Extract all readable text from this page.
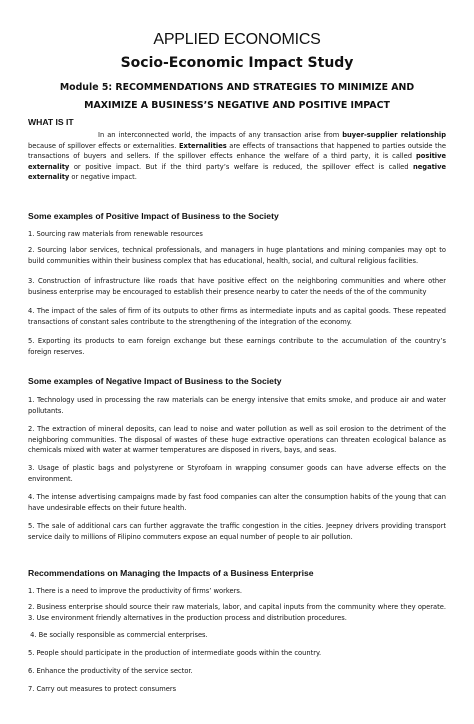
APPLIED ECONOMICS
Socio-Economic Impact Study
Module 5: RECOMMENDATIONS AND STRATEGIES TO MINIMIZE AND MAXIMIZE A BUSINESS’S NEGATIVE AND POSITIVE IMPACT
WHAT IS IT
In an interconnected world, the impacts of any transaction arise from buyer-supplier relationship because of spillover effects or externalities. Externalities are effects of transactions that happened to parties outside the transactions of buyers and sellers. If the spillover effects enhance the welfare of a third party, it is called positive externality or positive impact. But if the third party’s welfare is reduced, the spillover effect is called negative externality or negative impact.
Some examples of Positive Impact of Business to the Society
1. Sourcing raw materials from renewable resources
2. Sourcing labor services, technical professionals, and managers in huge plantations and mining companies may opt to build communities within their business complex that has educational, health, social, and cultural religious facilities.
3. Construction of infrastructure like roads that have positive effect on the neighboring communities and where other business enterprise may be encouraged to establish their presence nearby to cater the needs of the of the community
4. The impact of the sales of firm of its outputs to other firms as intermediate inputs and as capital goods. These repeated transactions of constant sales contribute to the strengthening of the integration of the economy.
5. Exporting its products to earn foreign exchange but these earnings contribute to the accumulation of the country’s foreign reserves.
Some examples of Negative Impact of Business to the Society
1. Technology used in processing the raw materials can be energy intensive that emits smoke, and produce air and water pollutants.
2. The extraction of mineral deposits, can lead to noise and water pollution as well as soil erosion to the detriment of the neighboring communities. The disposal of wastes of these huge extractive operations can threaten ecological balance as chemicals mixed with water at warmer temperatures are disposed in rivers, bays, and seas.
3. Usage of plastic bags and polystyrene or Styrofoam in wrapping consumer goods can have adverse effects on the environment.
4. The intense advertising campaigns made by fast food companies can alter the consumption habits of the young that can have undesirable effects on their future health.
5. The sale of additional cars can further aggravate the traffic congestion in the cities. Jeepney drivers providing transport service daily to millions of Filipino commuters expose an equal number of people to air pollution.
Recommendations on Managing the Impacts of a Business Enterprise
1. There is a need to improve the productivity of firms’ workers.
2. Business enterprise should source their raw materials, labor, and capital inputs from the community where they operate. 3. Use environment friendly alternatives in the production process and distribution procedures.
4. Be socially responsible as commercial enterprises.
5. People should participate in the production of intermediate goods within the country.
6. Enhance the productivity of the service sector.
7. Carry out measures to protect consumers
